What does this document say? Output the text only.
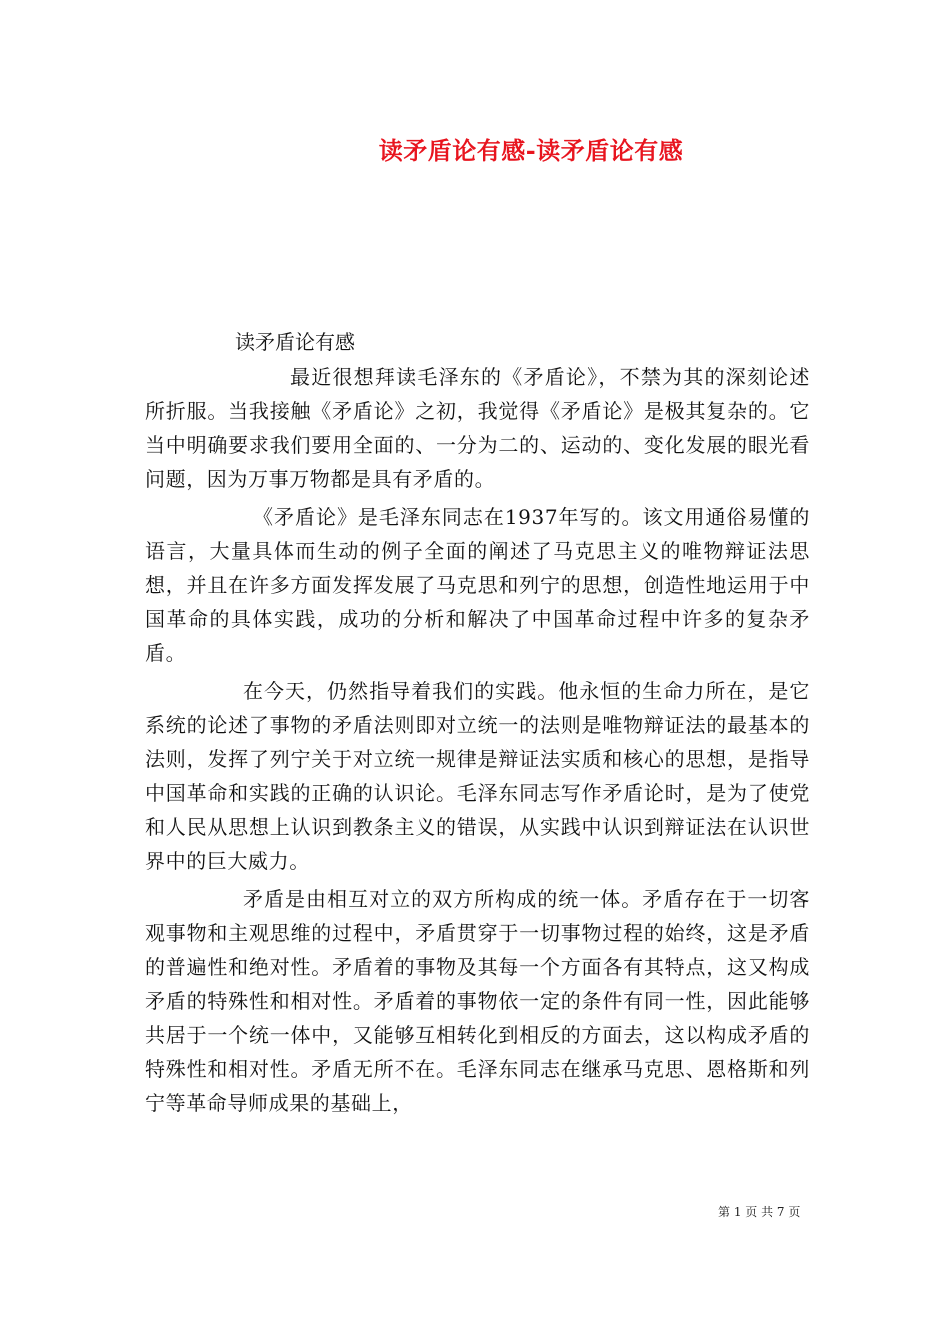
读矛盾论有感-读矛盾论有感

读矛盾论有感

最近很想拜读毛泽东的《矛盾论》，不禁为其的深刻论述所折服。当我接触《矛盾论》之初，我觉得《矛盾论》是极其复杂的。它当中明确要求我们要用全面的、一分为二的、运动的、变化发展的眼光看问题，因为万事万物都是具有矛盾的。

《矛盾论》是毛泽东同志在1937年写的。该文用通俗易懂的语言，大量具体而生动的例子全面的阐述了马克思主义的唯物辩证法思想，并且在许多方面发挥发展了马克思和列宁的思想，创造性地运用于中国革命的具体实践，成功的分析和解决了中国革命过程中许多的复杂矛盾。

在今天，仍然指导着我们的实践。他永恒的生命力所在，是它系统的论述了事物的矛盾法则即对立统一的法则是唯物辩证法的最基本的法则，发挥了列宁关于对立统一规律是辩证法实质和核心的思想，是指导中国革命和实践的正确的认识论。毛泽东同志写作矛盾论时，是为了使党和人民从思想上认识到教条主义的错误，从实践中认识到辩证法在认识世界中的巨大威力。

矛盾是由相互对立的双方所构成的统一体。矛盾存在于一切客观事物和主观思维的过程中，矛盾贯穿于一切事物过程的始终，这是矛盾的普遍性和绝对性。矛盾着的事物及其每一个方面各有其特点，这又构成矛盾的特殊性和相对性。矛盾着的事物依一定的条件有同一性，因此能够共居于一个统一体中，又能够互相转化到相反的方面去，这以构成矛盾的特殊性和相对性。矛盾无所不在。毛泽东同志在继承马克思、恩格斯和列宁等革命导师成果的基础上，

第 1 页 共 7 页
